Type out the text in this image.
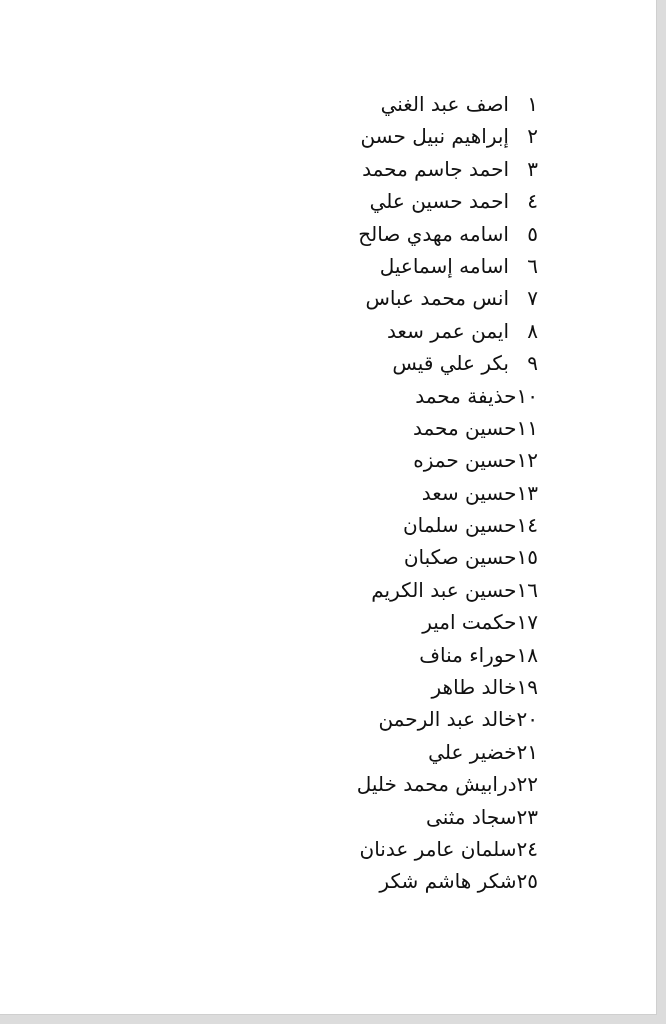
١اصف عبد الغني
٢إبراهيم نبيل حسن
٣احمد جاسم محمد
٤احمد حسين علي
٥اسامه مهدي صالح
٦اسامه إسماعيل
٧انس محمد عباس
٨ايمن عمر سعد
٩بكر علي قيس
١٠حذيفة محمد
١١حسين محمد
١٢حسين حمزه
١٣حسين سعد
١٤حسين سلمان
١٥حسين صكبان
١٦حسين عبد الكريم
١٧حكمت امير
١٨حوراء مناف
١٩خالد طاهر
٢٠خالد عبد الرحمن
٢١خضير علي
٢٢درابيش محمد خليل
٢٣سجاد مثنى
٢٤سلمان عامر عدنان
٢٥شكر هاشم شكر
